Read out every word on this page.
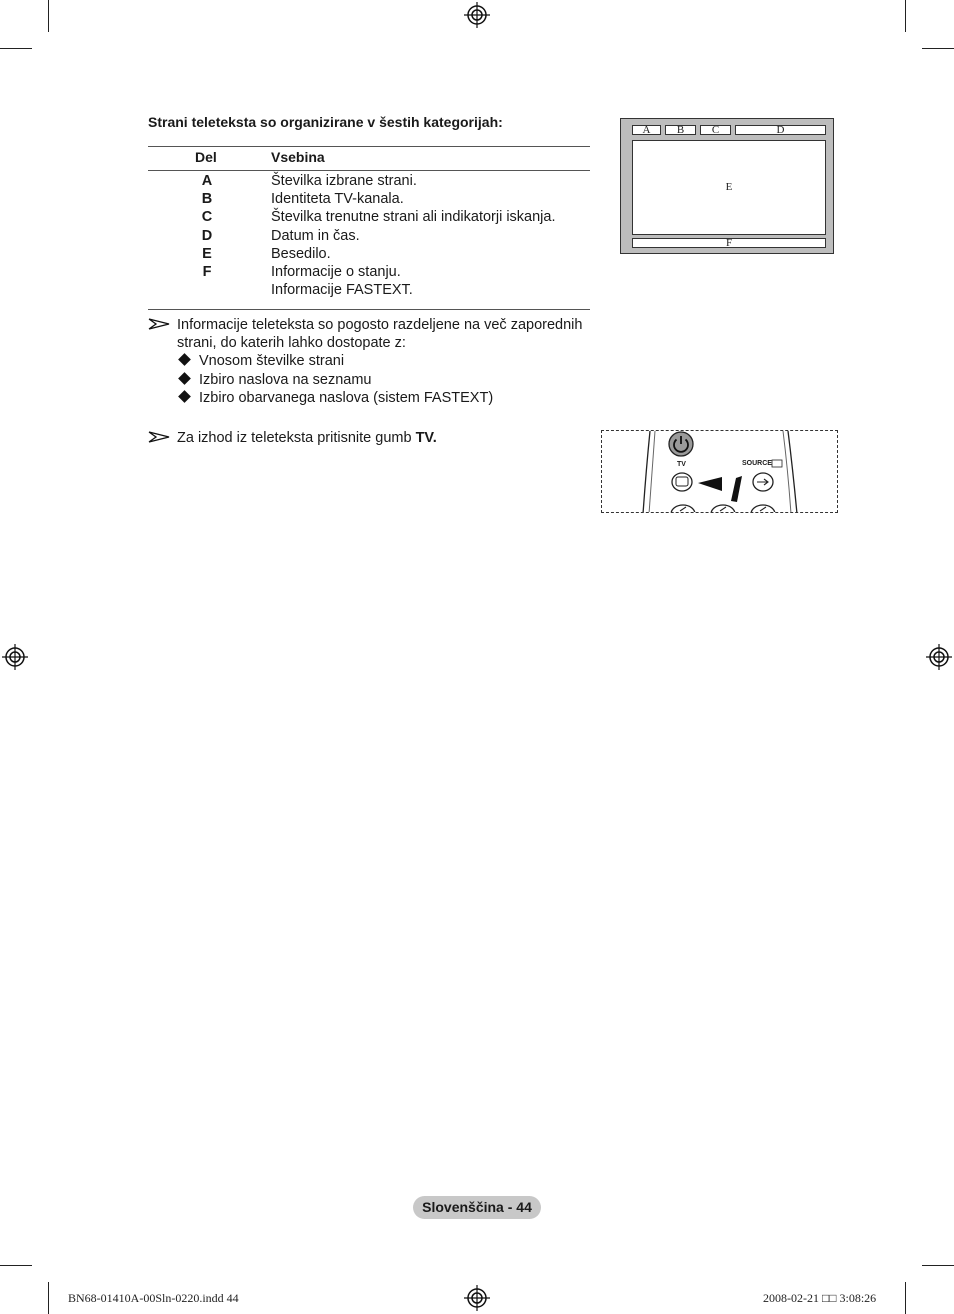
Strani teleteksta so organizirane v šestih kategorijah:
Del	Vsebina
A	Številka izbrane strani.
B	Identiteta TV-kanala.
C	Številka trenutne strani ali indikatorji iskanja.
D	Datum in čas.
E	Besedilo.
F	Informacije o stanju.
Informacije FASTEXT.
Informacije teleteksta so pogosto razdeljene na več zaporednih
strani, do katerih lahko dostopate z:
Vnosom številke strani
Izbiro naslova na seznamu
Izbiro obarvanega naslova (sistem FASTEXT)
Za izhod iz teleteksta pritisnite gumb TV.
A	B	C	D
E
F
TV	SOURCE
Slovenščina - 44
BN68-01410A-00Sln-0220.indd 44	2008-02-21 □□ 3:08:26
